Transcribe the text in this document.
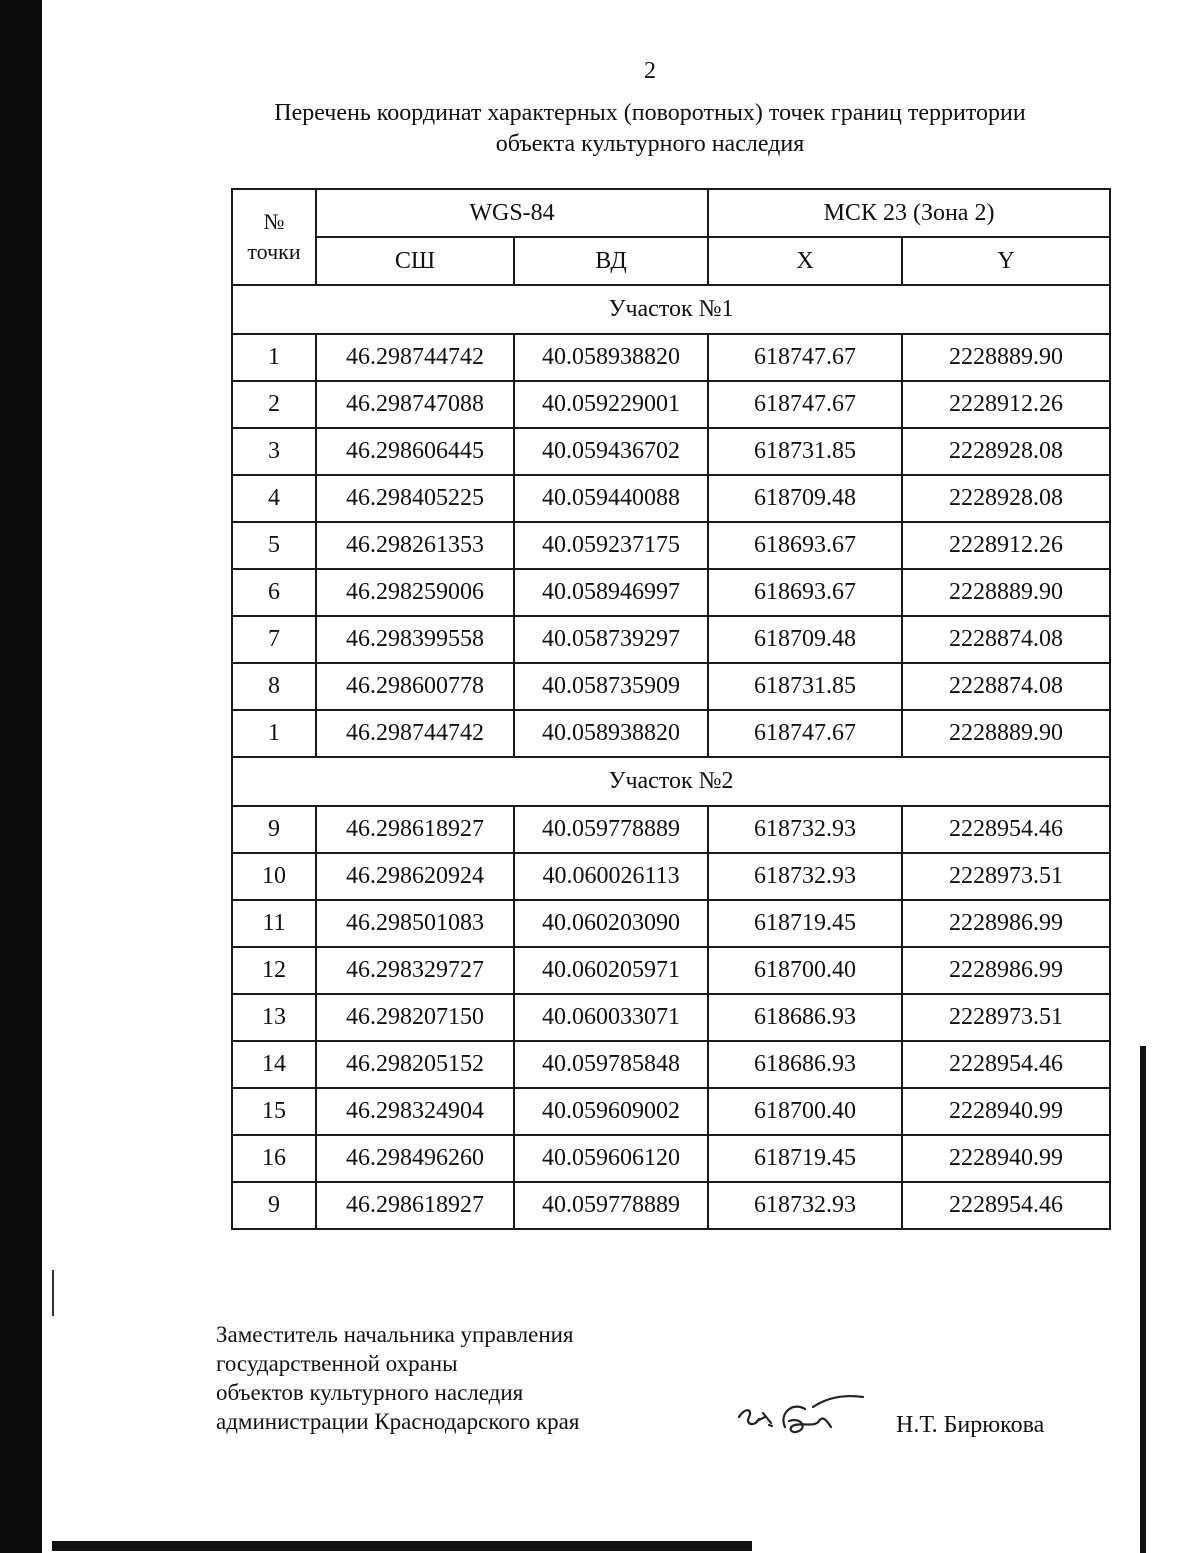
2
Перечень координат характерных (поворотных) точек границ территории
объекта культурного наследия
№
точки	WGS-84		МСК 23 (Зона 2)	
	СШ	ВД	X	Y
Участок №1				
1	46.298744742	40.058938820	618747.67	2228889.90
2	46.298747088	40.059229001	618747.67	2228912.26
3	46.298606445	40.059436702	618731.85	2228928.08
4	46.298405225	40.059440088	618709.48	2228928.08
5	46.298261353	40.059237175	618693.67	2228912.26
6	46.298259006	40.058946997	618693.67	2228889.90
7	46.298399558	40.058739297	618709.48	2228874.08
8	46.298600778	40.058735909	618731.85	2228874.08
1	46.298744742	40.058938820	618747.67	2228889.90
Участок №2				
9	46.298618927	40.059778889	618732.93	2228954.46
10	46.298620924	40.060026113	618732.93	2228973.51
11	46.298501083	40.060203090	618719.45	2228986.99
12	46.298329727	40.060205971	618700.40	2228986.99
13	46.298207150	40.060033071	618686.93	2228973.51
14	46.298205152	40.059785848	618686.93	2228954.46
15	46.298324904	40.059609002	618700.40	2228940.99
16	46.298496260	40.059606120	618719.45	2228940.99
9	46.298618927	40.059778889	618732.93	2228954.46
Заместитель начальника управления
государственной охраны
объектов культурного наследия
администрации Краснодарского края	Н.Т. Бирюкова
